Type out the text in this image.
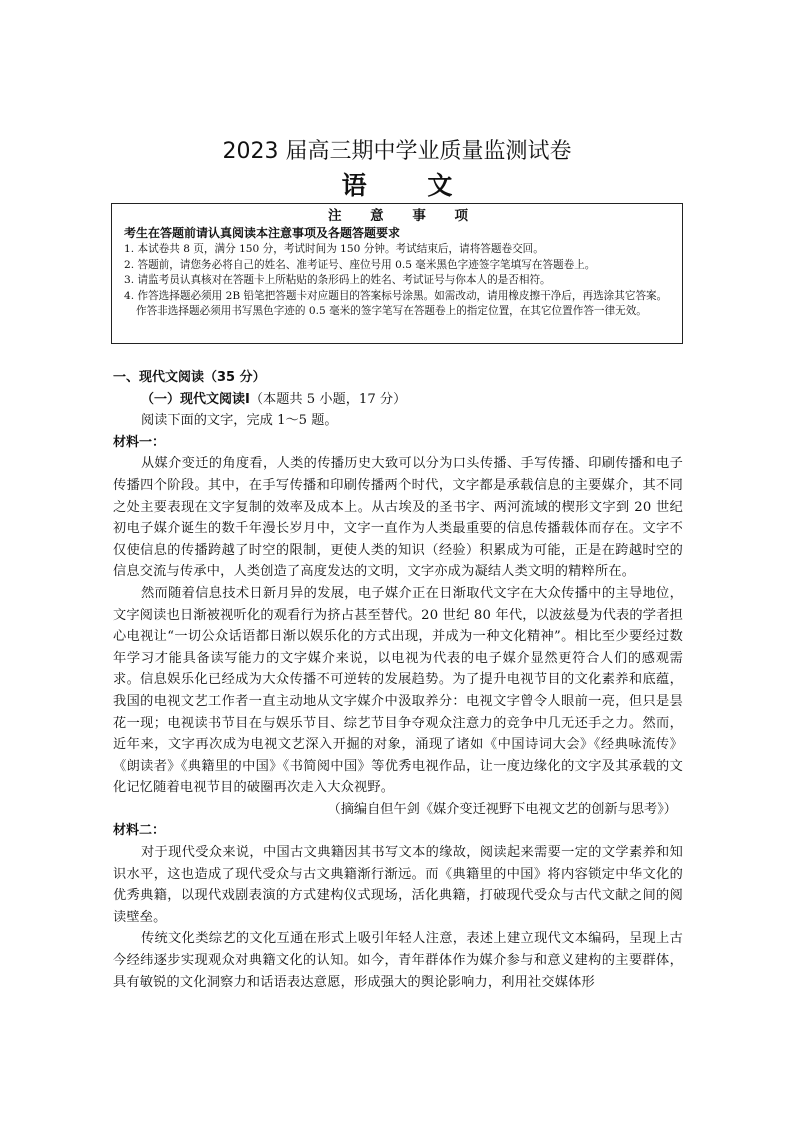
2023 届高三期中学业质量监测试卷
语 文
注 意 事 项
考生在答题前请认真阅读本注意事项及各题答题要求
1. 本试卷共 8 页，满分 150 分，考试时间为 150 分钟。考试结束后，请将答题卷交回。
2. 答题前，请您务必将自己的姓名、准考证号、座位号用 0.5 毫米黑色字迹签字笔填写在答题卷上。
3. 请监考员认真核对在答题卡上所粘贴的条形码上的姓名、考试证号与你本人的是否相符。
4. 作答选择题必须用 2B 铅笔把答题卡对应题目的答案标号涂黑。如需改动，请用橡皮擦干净后，再选涂其它答案。作答非选择题必须用书写黑色字迹的 0.5 毫米的签字笔写在答题卷上的指定位置，在其它位置作答一律无效。
一、现代文阅读（35 分）
（一）现代文阅读Ⅰ（本题共 5 小题，17 分）
阅读下面的文字，完成 1～5 题。
材料一：

从媒介变迁的角度看，人类的传播历史大致可以分为口头传播、手写传播、印刷传播和电子传播四个阶段。其中，在手写传播和印刷传播两个时代，文字都是承载信息的主要媒介，其不同之处主要表现在文字复制的效率及成本上。从古埃及的圣书字、两河流域的楔形文字到 20 世纪初电子媒介诞生的数千年漫长岁月中，文字一直作为人类最重要的信息传播载体而存在。文字不仅使信息的传播跨越了时空的限制，更使人类的知识（经验）积累成为可能，正是在跨越时空的信息交流与传承中，人类创造了高度发达的文明，文字亦成为凝结人类文明的精粹所在。

然而随着信息技术日新月异的发展，电子媒介正在日渐取代文字在大众传播中的主导地位，文字阅读也日渐被视听化的观看行为挤占甚至替代。20 世纪 80 年代，以波兹曼为代表的学者担心电视让“一切公众话语都日渐以娱乐化的方式出现，并成为一种文化精神”。相比至少要经过数年学习才能具备读写能力的文字媒介来说，以电视为代表的电子媒介显然更符合人们的感观需求。信息娱乐化已经成为大众传播不可逆转的发展趋势。为了提升电视节目的文化素养和底蕴，我国的电视文艺工作者一直主动地从文字媒介中汲取养分：电视文字曾令人眼前一亮，但只是昙花一现；电视读书节目在与娱乐节目、综艺节目争夺观众注意力的竞争中几无还手之力。然而，近年来，文字再次成为电视文艺深入开掘的对象，涌现了诸如《中国诗词大会》《经典咏流传》《朗读者》《典籍里的中国》《书简阅中国》等优秀电视作品，让一度边缘化的文字及其承载的文化记忆随着电视节目的破圈再次走入大众视野。

（摘编自但午剑《媒介变迁视野下电视文艺的创新与思考》）
材料二：

对于现代受众来说，中国古文典籍因其书写文本的缘故，阅读起来需要一定的文学素养和知识水平，这也造成了现代受众与古文典籍渐行渐远。而《典籍里的中国》将内容锁定中华文化的优秀典籍，以现代戏剧表演的方式建构仪式现场，活化典籍，打破现代受众与古代文献之间的阅读壁垒。

传统文化类综艺的文化互通在形式上吸引年轻人注意，表述上建立现代文本编码，呈现上古今经纬逐步实现观众对典籍文化的认知。如今，青年群体作为媒介参与和意义建构的主要群体，具有敏锐的文化洞察力和话语表达意愿，形成强大的舆论影响力，利用社交媒体形
